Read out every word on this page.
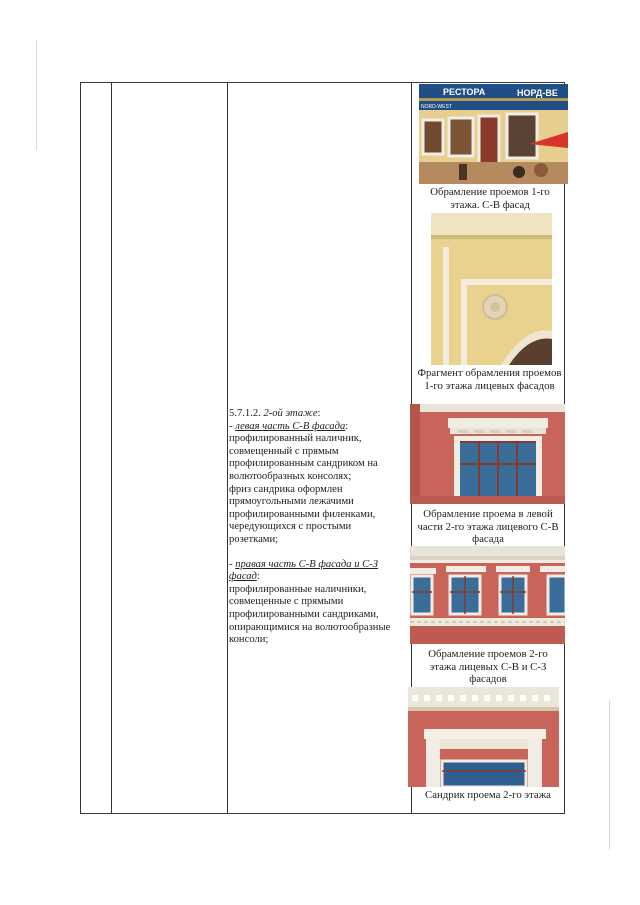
5.7.1.2. 2-ой этаже:
- левая часть С-В фасада:
профилированный наличник,
совмещенный с прямым
профилированным сандриком на
волютообразных консолях;
фриз сандрика оформлен
прямоугольными лежачими
профилированными филенками,
чередующихся с простыми
розетками;
- правая часть С-В фасада и С-З
фасад:
профилированные наличники,
совмещенные с прямыми
профилированными сандриками,
опирающимися на волютообразные
консоли;
РЕСТОРА	НОРД-ВЕ
NORD-WEST
Обрамление проемов 1-го
этажа. С-В фасад
Фрагмент обрамления проемов
1-го этажа лицевых фасадов
Обрамление проема в левой
части 2-го этажа лицевого С-В
фасада
Обрамление проемов 2-го
этажа лицевых С-В и С-З
фасадов
Сандрик проема 2-го этажа
